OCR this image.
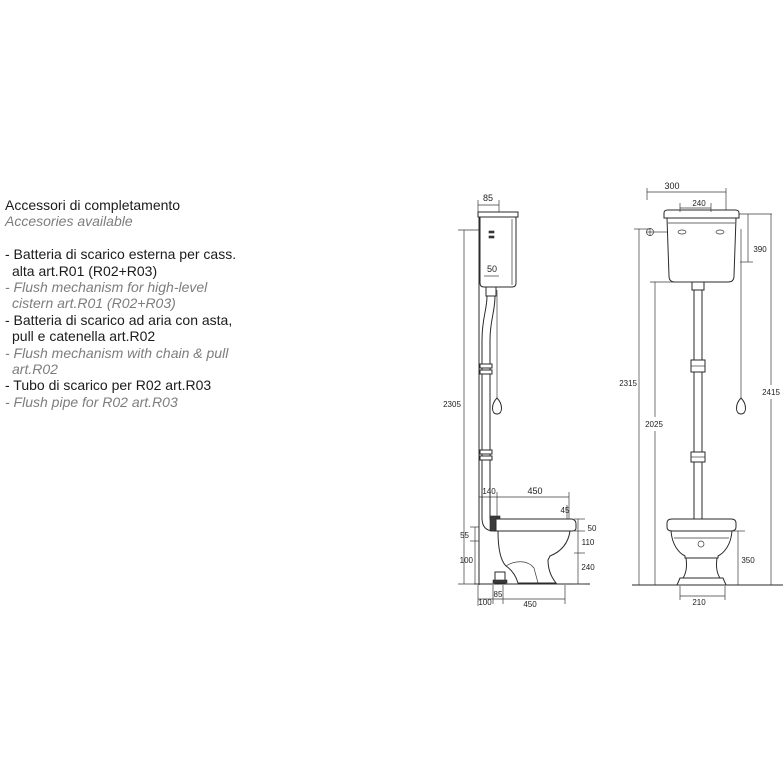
Accessori di completamento
Accesories available
- Batteria di scarico esterna per cass.
alta art.R01 (R02+R03)
- Flush mechanism for high-level
cistern art.R01 (R02+R03)
- Batteria di scarico ad aria con asta,
pull e catenella art.R02
- Flush mechanism with chain & pull
art.R02
- Tubo di scarico per R02 art.R03
- Flush pipe for R02 art.R03
85
50
2305
140	450
45
50
110
240
55
100
100
85
450
300
240
390
2315
2415
2025
350
210
